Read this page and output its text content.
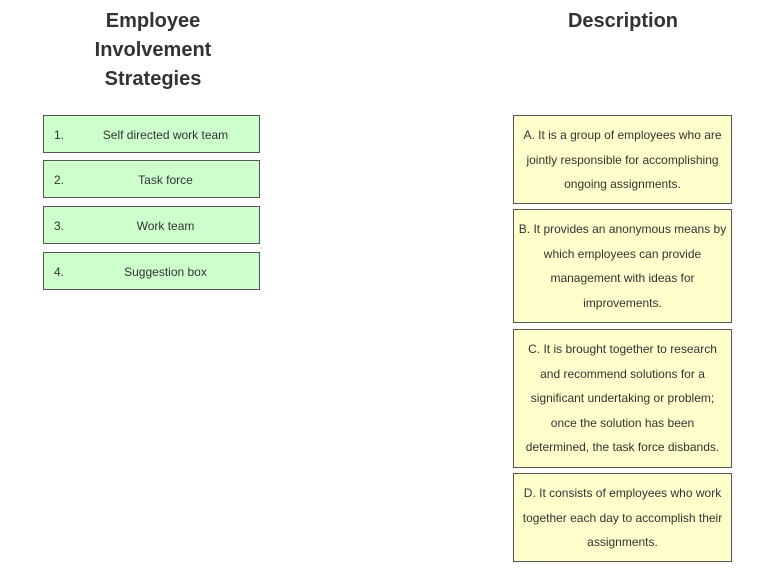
Employee
Involvement
Strategies
Description
1.	Self directed work team
2.	Task force
3.	Work team
4.	Suggestion box
A. It is a group of employees who are jointly responsible for accomplishing ongoing assignments.
B. It provides an anonymous means by which employees can provide management with ideas for improvements.
C. It is brought together to research and recommend solutions for a significant undertaking or problem; once the solution has been determined, the task force disbands.
D. It consists of employees who work together each day to accomplish their assignments.
